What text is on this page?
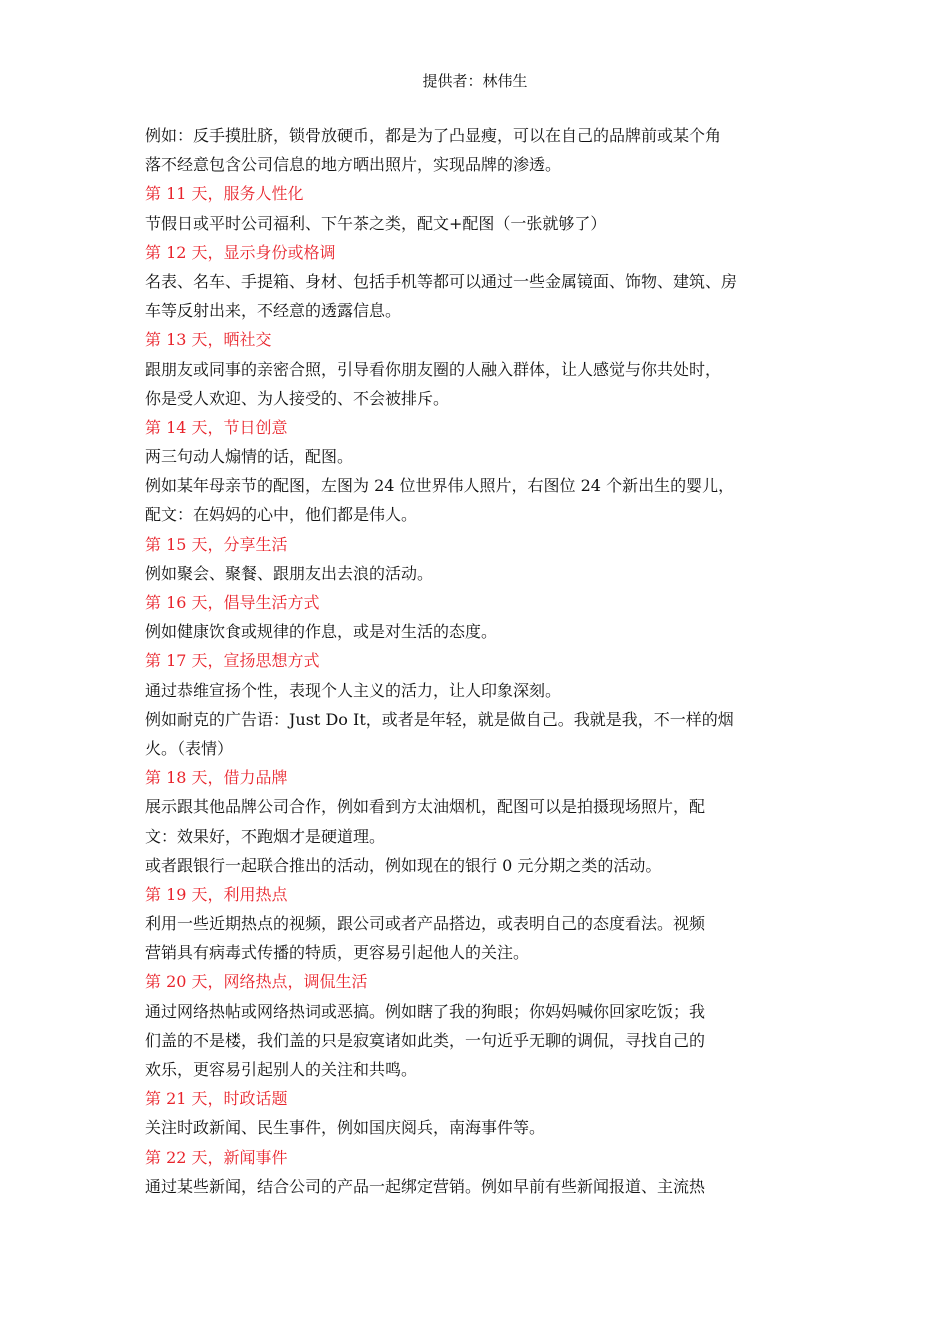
提供者：林伟生
例如：反手摸肚脐，锁骨放硬币，都是为了凸显瘦，可以在自己的品牌前或某个角
落不经意包含公司信息的地方晒出照片，实现品牌的渗透。
第 11 天，服务人性化
节假日或平时公司福利、下午茶之类，配文+配图（一张就够了）
第 12 天，显示身份或格调
名表、名车、手提箱、身材、包括手机等都可以通过一些金属镜面、饰物、建筑、房
车等反射出来，不经意的透露信息。
第 13 天，晒社交
跟朋友或同事的亲密合照，引导看你朋友圈的人融入群体，让人感觉与你共处时，
你是受人欢迎、为人接受的、不会被排斥。
第 14 天，节日创意
两三句动人煽情的话，配图。
例如某年母亲节的配图，左图为 24 位世界伟人照片，右图位 24 个新出生的婴儿，
配文：在妈妈的心中，他们都是伟人。
第 15 天，分享生活
例如聚会、聚餐、跟朋友出去浪的活动。
第 16 天，倡导生活方式
例如健康饮食或规律的作息，或是对生活的态度。
第 17 天，宣扬思想方式
通过恭维宣扬个性，表现个人主义的活力，让人印象深刻。
例如耐克的广告语：Just Do It，或者是年轻，就是做自己。我就是我，不一样的烟
火。（表情）
第 18 天，借力品牌
展示跟其他品牌公司合作，例如看到方太油烟机，配图可以是拍摄现场照片，配
文：效果好，不跑烟才是硬道理。
或者跟银行一起联合推出的活动，例如现在的银行 0 元分期之类的活动。
第 19 天，利用热点
利用一些近期热点的视频，跟公司或者产品搭边，或表明自己的态度看法。视频
营销具有病毒式传播的特质，更容易引起他人的关注。
第 20 天，网络热点，调侃生活
通过网络热帖或网络热词或恶搞。例如瞎了我的狗眼；你妈妈喊你回家吃饭；我
们盖的不是楼，我们盖的只是寂寞诸如此类，一句近乎无聊的调侃，寻找自己的
欢乐，更容易引起别人的关注和共鸣。
第 21 天，时政话题
关注时政新闻、民生事件，例如国庆阅兵，南海事件等。
第 22 天，新闻事件
通过某些新闻，结合公司的产品一起绑定营销。例如早前有些新闻报道、主流热
